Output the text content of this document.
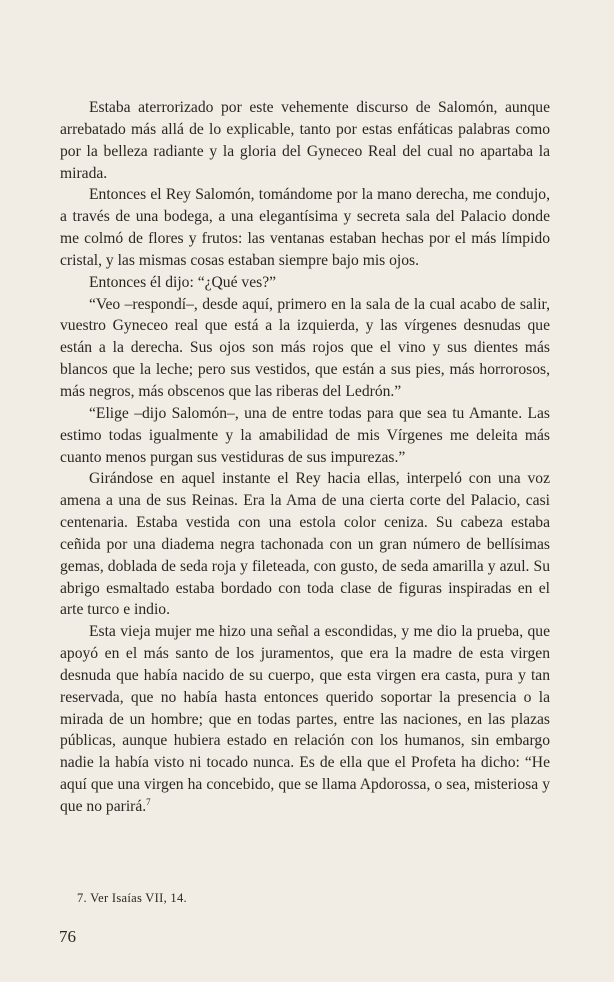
Estaba aterrorizado por este vehemente discurso de Salomón, aunque arrebatado más allá de lo explicable, tanto por estas enfáticas palabras como por la belleza radiante y la gloria del Gyneceo Real del cual no apartaba la mirada.

Entonces el Rey Salomón, tomándome por la mano derecha, me condujo, a través de una bodega, a una elegantísima y secreta sala del Palacio donde me colmó de flores y frutos: las ventanas estaban hechas por el más límpido cristal, y las mismas cosas estaban siempre bajo mis ojos.

Entonces él dijo: “¿Qué ves?”

“Veo –respondí–, desde aquí, primero en la sala de la cual acabo de salir, vuestro Gyneceo real que está a la izquierda, y las vírgenes desnudas que están a la derecha. Sus ojos son más rojos que el vino y sus dientes más blancos que la leche; pero sus vestidos, que están a sus pies, más horrorosos, más negros, más obscenos que las riberas del Ledrón.”

“Elige –dijo Salomón–, una de entre todas para que sea tu Amante. Las estimo todas igualmente y la amabilidad de mis Vírgenes me deleita más cuanto menos purgan sus vestiduras de sus impurezas.”

Girándose en aquel instante el Rey hacia ellas, interpeló con una voz amena a una de sus Reinas. Era la Ama de una cierta corte del Palacio, casi centenaria. Estaba vestida con una estola color ceniza. Su cabeza estaba ceñida por una diadema negra tachonada con un gran número de bellísimas gemas, doblada de seda roja y fileteada, con gusto, de seda amarilla y azul. Su abrigo esmaltado estaba bordado con toda clase de figuras inspiradas en el arte turco e indio.

Esta vieja mujer me hizo una señal a escondidas, y me dio la prueba, que apoyó en el más santo de los juramentos, que era la madre de esta virgen desnuda que había nacido de su cuerpo, que esta virgen era casta, pura y tan reservada, que no había hasta entonces querido soportar la presencia o la mirada de un hombre; que en todas partes, entre las naciones, en las plazas públicas, aunque hubiera estado en relación con los humanos, sin embargo nadie la había visto ni tocado nunca. Es de ella que el Profeta ha dicho: “He aquí que una virgen ha concebido, que se llama Apdorossa, o sea, misteriosa y que no parirá.$^7$

7. Ver Isaías VII, 14.
76
